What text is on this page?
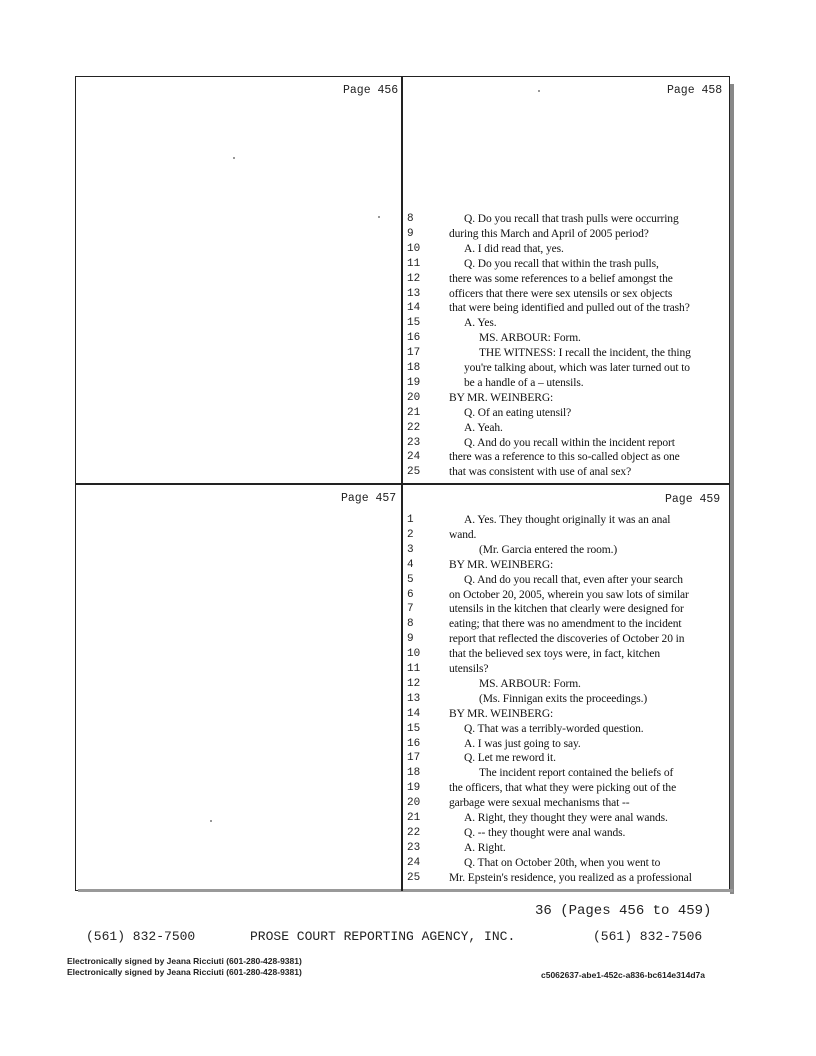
Page 456	Page 458
Page 457	Page 459
8	Q. Do you recall that trash pulls were occurring
9	during this March and April of 2005 period?
10	A. I did read that, yes.
11	Q. Do you recall that within the trash pulls,
12	there was some references to a belief amongst the
13	officers that there were sex utensils or sex objects
14	that were being identified and pulled out of the trash?
15	A. Yes.
16	MS. ARBOUR: Form.
17	THE WITNESS: I recall the incident, the thing
18	you're talking about, which was later turned out to
19	be a handle of a – utensils.
20	BY MR. WEINBERG:
21	Q. Of an eating utensil?
22	A. Yeah.
23	Q. And do you recall within the incident report
24	there was a reference to this so-called object as one
25	that was consistent with use of anal sex?
1	A. Yes. They thought originally it was an anal
2	wand.
3	(Mr. Garcia entered the room.)
4	BY MR. WEINBERG:
5	Q. And do you recall that, even after your search
6	on October 20, 2005, wherein you saw lots of similar
7	utensils in the kitchen that clearly were designed for
8	eating; that there was no amendment to the incident
9	report that reflected the discoveries of October 20 in
10	that the believed sex toys were, in fact, kitchen
11	utensils?
12	MS. ARBOUR: Form.
13	(Ms. Finnigan exits the proceedings.)
14	BY MR. WEINBERG:
15	Q. That was a terribly-worded question.
16	A. I was just going to say.
17	Q. Let me reword it.
18	The incident report contained the beliefs of
19	the officers, that what they were picking out of the
20	garbage were sexual mechanisms that --
21	A. Right, they thought they were anal wands.
22	Q. -- they thought were anal wands.
23	A. Right.
24	Q. That on October 20th, when you went to
25	Mr. Epstein's residence, you realized as a professional
36 (Pages 456 to 459)
(561) 832-7500	PROSE COURT REPORTING AGENCY, INC.	(561) 832-7506
Electronically signed by Jeana Ricciuti (601-280-428-9381)
Electronically signed by Jeana Ricciuti (601-280-428-9381)	c5062637-abe1-452c-a836-bc614e314d7a
